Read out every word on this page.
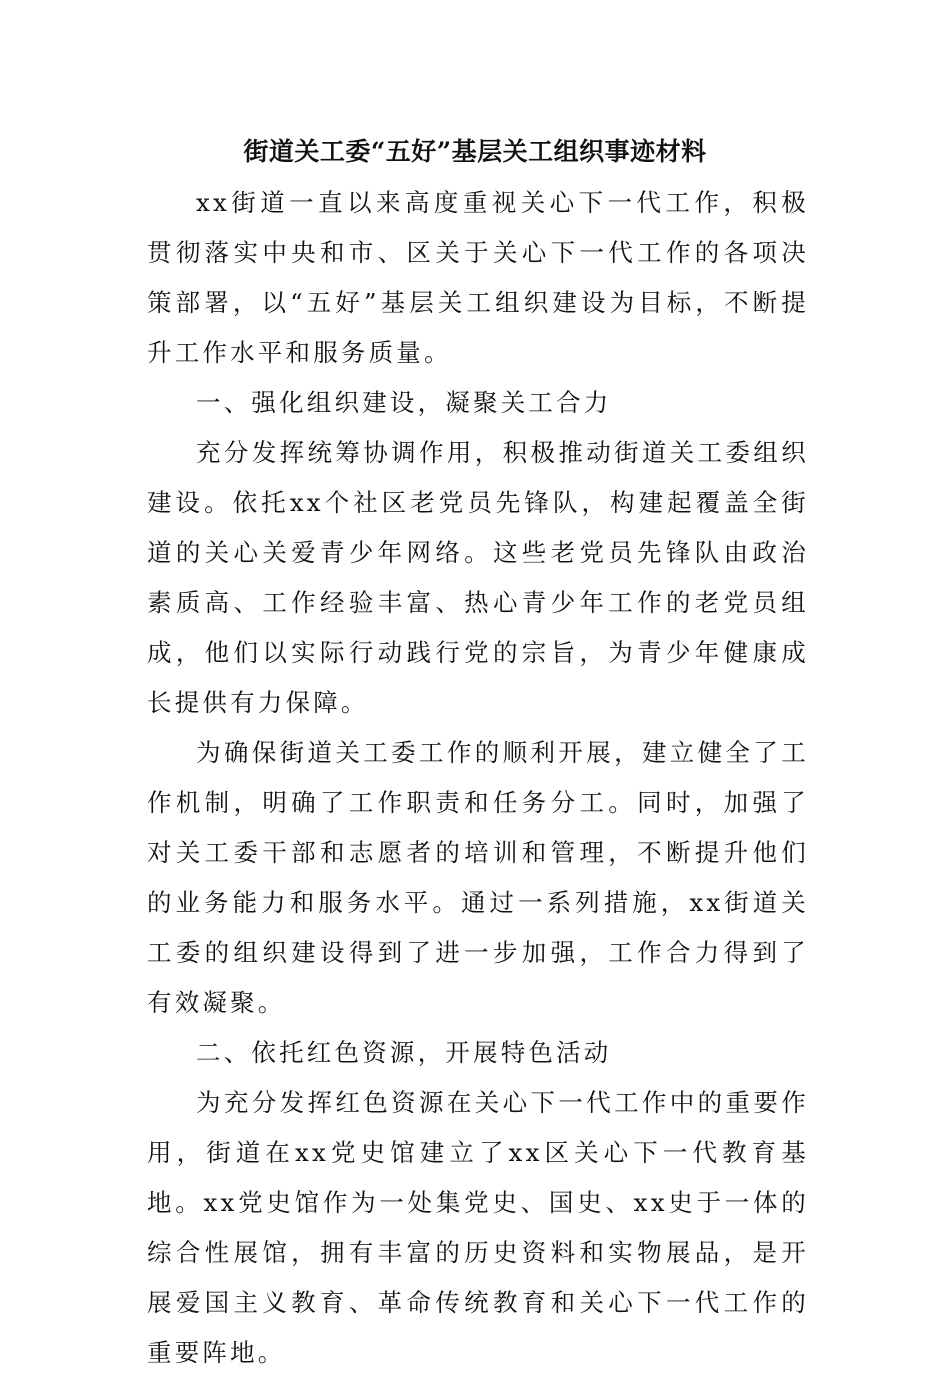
街道关工委“五好”基层关工组织事迹材料

xx街道一直以来高度重视关心下一代工作，积极贯彻落实中央和市、区关于关心下一代工作的各项决策部署，以“五好”基层关工组织建设为目标，不断提升工作水平和服务质量。

一、强化组织建设，凝聚关工合力

充分发挥统筹协调作用，积极推动街道关工委组织建设。依托xx个社区老党员先锋队，构建起覆盖全街道的关心关爱青少年网络。这些老党员先锋队由政治素质高、工作经验丰富、热心青少年工作的老党员组成，他们以实际行动践行党的宗旨，为青少年健康成长提供有力保障。

为确保街道关工委工作的顺利开展，建立健全了工作机制，明确了工作职责和任务分工。同时，加强了对关工委干部和志愿者的培训和管理，不断提升他们的业务能力和服务水平。通过一系列措施，xx街道关工委的组织建设得到了进一步加强，工作合力得到了有效凝聚。

二、依托红色资源，开展特色活动

为充分发挥红色资源在关心下一代工作中的重要作用，街道在xx党史馆建立了xx区关心下一代教育基地。xx党史馆作为一处集党史、国史、xx史于一体的综合性展馆，拥有丰富的历史资料和实物展品，是开展爱国主义教育、革命传统教育和关心下一代工作的重要阵地。
